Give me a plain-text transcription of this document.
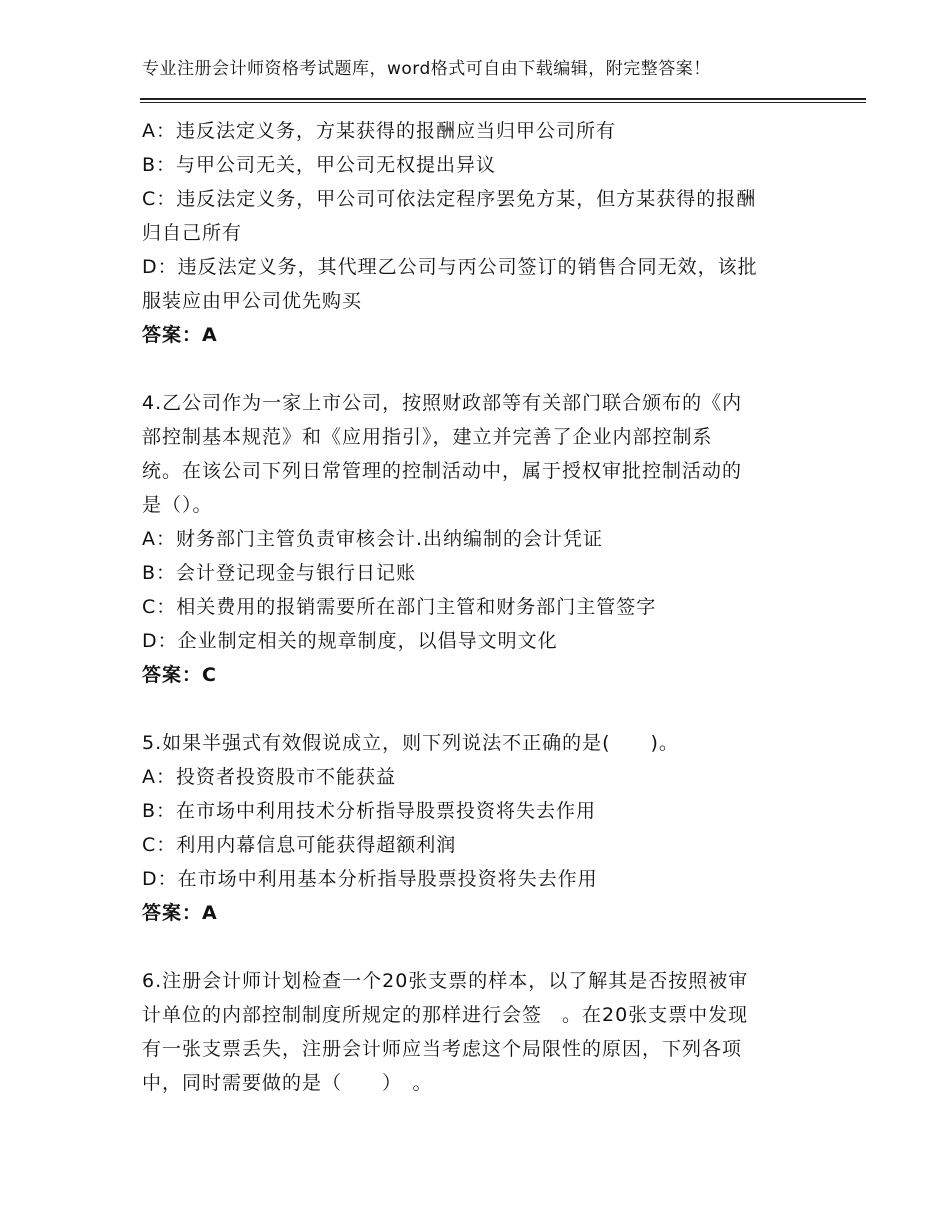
专业注册会计师资格考试题库，word格式可自由下载编辑，附完整答案！
A：违反法定义务，方某获得的报酬应当归甲公司所有
B：与甲公司无关，甲公司无权提出异议
C：违反法定义务，甲公司可依法定程序罢免方某，但方某获得的报酬
归自己所有
D：违反法定义务，其代理乙公司与丙公司签订的销售合同无效，该批
服装应由甲公司优先购买
答案：A
4.乙公司作为一家上市公司，按照财政部等有关部门联合颁布的《内
部控制基本规范》和《应用指引》，建立并完善了企业内部控制系
统。在该公司下列日常管理的控制活动中，属于授权审批控制活动的
是（）。
A：财务部门主管负责审核会计.出纳编制的会计凭证
B：会计登记现金与银行日记账
C：相关费用的报销需要所在部门主管和财务部门主管签字
D：企业制定相关的规章制度，以倡导文明文化
答案：C
5.如果半强式有效假说成立，则下列说法不正确的是(　　)。
A：投资者投资股市不能获益
B：在市场中利用技术分析指导股票投资将失去作用
C：利用内幕信息可能获得超额利润
D：在市场中利用基本分析指导股票投资将失去作用
答案：A
6.注册会计师计划检查一个20张支票的样本，以了解其是否按照被审
计单位的内部控制制度所规定的那样进行会签　。在20张支票中发现
有一张支票丢失，注册会计师应当考虑这个局限性的原因，下列各项
中，同时需要做的是（　　）　。
